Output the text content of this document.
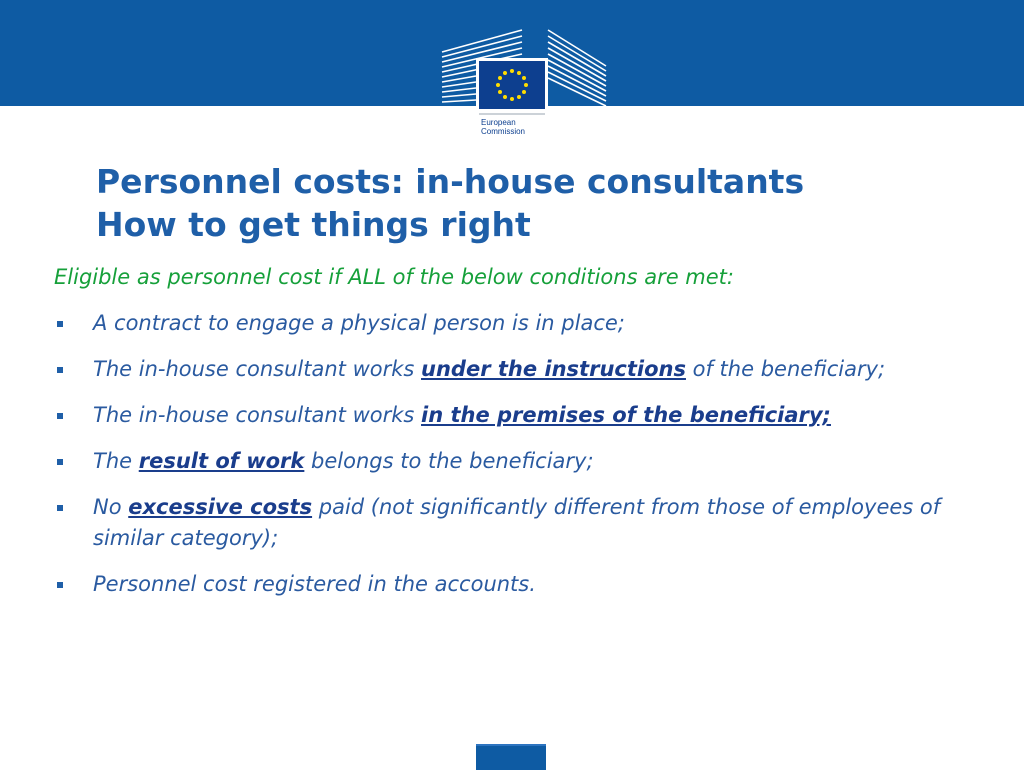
European
Commission
Personnel costs: in-house consultants
How to get things right
Eligible as personnel cost if ALL of the below conditions are met:
A contract to engage a physical person is in place;
The in-house consultant works under the instructions of the beneficiary;
The in-house consultant works in the premises of the beneficiary;
The result of work belongs to the beneficiary;
No excessive costs paid (not significantly different from those of employees of similar category);
Personnel cost registered in the accounts.
